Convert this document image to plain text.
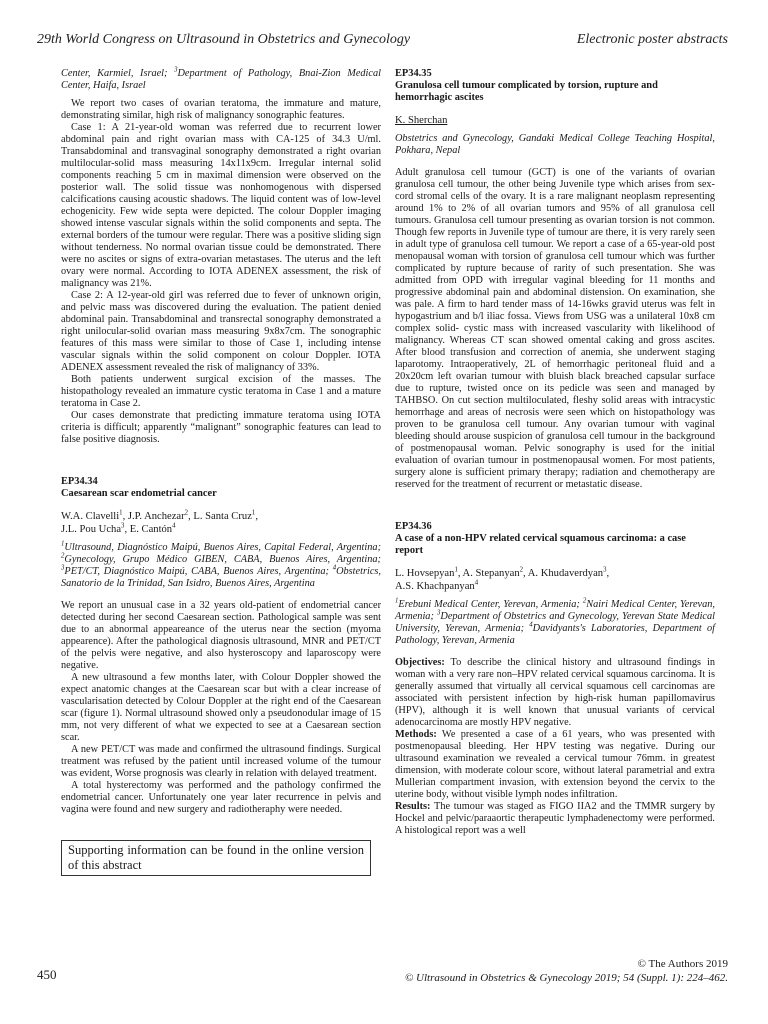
29th World Congress on Ultrasound in Obstetrics and Gynecology	Electronic poster abstracts

Center, Karmiel, Israel; $^3$Department of Pathology, Bnai-Zion Medical Center, Haifa, Israel

We report two cases of ovarian teratoma, the immature and mature, demonstrating similar, high risk of malignancy sonographic features.

Case 1: A 21-year-old woman was referred due to recurrent lower abdominal pain and right ovarian mass with CA-125 of 34.3 U/ml. Transabdominal and transvaginal sonography demonstrated a right ovarian multilocular-solid mass measuring 14x11x9cm. Irregular internal solid components reaching 5 cm in maximal dimension were observed on the posterior wall. The solid tissue was nonhomogenous with dispersed calcifications causing acoustic shadows. The liquid content was of low-level echogenicity. Few wide septa were depicted. The colour Doppler imaging showed intense vascular signals within the solid components and septa. The external borders of the tumour were regular. There was a positive sliding sign without tenderness. No normal ovarian tissue could be demonstrated. There were no ascites or signs of extra-ovarian metastases. The uterus and the left ovary were normal. According to IOTA ADENEX assessment, the risk of malignancy was 21%.

Case 2: A 12-year-old girl was referred due to fever of unknown origin, and pelvic mass was discovered during the evaluation. The patient denied abdominal pain. Transabdominal and transrectal sonography demonstrated a right unilocular-solid ovarian mass measuring 9x8x7cm. The sonographic features of this mass were similar to those of Case 1, including intense vascular signals within the solid component on colour Doppler. IOTA ADENEX assessment revealed the risk of malignancy of 33%.

Both patients underwent surgical excision of the masses. The histopathology revealed an immature cystic teratoma in Case 1 and a mature teratoma in Case 2.

Our cases demonstrate that predicting immature teratoma using IOTA criteria is difficult; apparently “malignant” sonographic features can lead to false positive diagnosis.

EP34.34
Caesarean scar endometrial cancer
W.A. Clavelli$^1$, J.P. Anchezar$^2$, L. Santa Cruz$^1$,
J.L. Pou Ucha$^3$, E. Cantón$^4$

$^1$Ultrasound, Diagnóstico Maipú, Buenos Aires, Capital Federal, Argentina; $^2$Gynecology, Grupo Médico GIBEN, CABA, Buenos Aires, Argentina; $^3$PET/CT, Diagnóstico Maipú, CABA, Buenos Aires, Argentina; $^4$Obstetrics, Sanatorio de la Trinidad, San Isidro, Buenos Aires, Argentina

We report an unusual case in a 32 years old-patient of endometrial cancer detected during her second Caesarean section. Pathological sample was sent due to an abnormal appeareance of the uterus near the section (myoma appearence). After the pathological diagnosis ultrasound, MNR and PET/CT of the pelvis were negative, and also hysteroscopy and laparoscopy were negative.

A new ultrasound a few months later, with Colour Doppler showed the expect anatomic changes at the Caesarean scar but with a clear increase of vascularisation detected by Colour Doppler at the right end of the Caesarean scar (figure 1). Normal ultrasound showed only a pseudonodular image of 15 mm, not very different of what we expected to see at a Caesarean section scar.

A new PET/CT was made and confirmed the ultrasound findings. Surgical treatment was refused by the patient until increased volume of the tumour was evident, Worse prognosis was clearly in relation with delayed treatment.

A total hysterectomy was performed and the pathology confirmed the endometrial cancer. Unfortunately one year later recurrence in pelvis and vagina were found and new surgery and radiotheraphy were needed.

Supporting information can be found in the online version of this abstract
EP34.35
Granulosa cell tumour complicated by torsion, rupture and hemorrhagic ascites
K. Sherchan

Obstetrics and Gynecology, Gandaki Medical College Teaching Hospital, Pokhara, Nepal

Adult granulosa cell tumour (GCT) is one of the variants of ovarian granulosa cell tumour, the other being Juvenile type which arises from sex-cord stromal cells of the ovary. It is a rare malignant neoplasm representing around 1% to 2% of all ovarian tumors and 95% of all granulosa cell tumours. Granulosa cell tumour presenting as ovarian torsion is not common. Though few reports in Juvenile type of tumour are there, it is very rarely seen in adult type of granulosa cell tumour. We report a case of a 65-year-old post menopausal woman with torsion of granulosa cell tumour which was further complicated by rupture because of rarity of such presentation. She was admitted from OPD with irregular vaginal bleeding for 11 months and progressive abdominal pain and abdominal distension. On examination, she was pale. A firm to hard tender mass of 14-16wks gravid uterus was felt in hypogastrium and b/l iliac fossa. Views from USG was a unilateral 10x8 cm complex solid- cystic mass with increased vascularity with likelihood of malignancy. Whereas CT scan showed omental caking and gross ascites. After blood transfusion and correction of anemia, she underwent staging laparotomy. Intraoperatively, 2L of hemorrhagic peritoneal fluid and a 20x20cm left ovarian tumour with bluish black breached capsular surface due to rupture, twisted once on its pedicle was seen and managed by TAHBSO. On cut section multiloculated, fleshy solid areas with intracystic hemorrhage and areas of necrosis were seen which on histopathology was proven to be granulosa cell tumour. Any ovarian tumour with vaginal bleeding should arouse suspicion of granulosa cell tumour in the background of postmenopausal woman. Pelvic sonography is used for the initial evaluation of ovarian tumour in postmenopausal women. For most patients, surgery alone is sufficient primary therapy; radiation and chemotherapy are reserved for the treatment of recurrent or metastatic disease.

EP34.36
A case of a non-HPV related cervical squamous carcinoma: a case report
L. Hovsepyan$^1$, A. Stepanyan$^2$, A. Khudaverdyan$^3$,
A.S. Khachpanyan$^4$

$^1$Erebuni Medical Center, Yerevan, Armenia; $^2$Nairi Medical Center, Yerevan, Armenia; $^3$Department of Obstetrics and Gynecology, Yerevan State Medical University, Yerevan, Armenia; $^4$Davidyants's Laboratories, Department of Pathology, Yerevan, Armenia

Objectives: To describe the clinical history and ultrasound findings in woman with a very rare non–HPV related cervical squamous carcinoma. It is generally assumed that virtually all cervical squamous cell carcinomas are associated with persistent infection by high-risk human papillomavirus (HPV), although it is well known that unusual variants of cervical adenocarcinoma are mostly HPV negative.

Methods: We presented a case of a 61 years, who was presented with postmenopausal bleeding. Her HPV testing was negative. During our ultrasound examination we revealed a cervical tumour 76mm. in greatest dimension, with moderate colour score, without lateral parametrial and extra Mullerian compartment invasion, with extension beyond the cervix to the uterine body, without visible lymph nodes infiltration.

Results: The tumour was staged as FIGO IIA2 and the TMMR surgery by Hockel and pelvic/paraaortic therapeutic lymphadenectomy were performed. A histological report was a well

450
© The Authors 2019
© Ultrasound in Obstetrics & Gynecology 2019; 54 (Suppl. 1): 224–462.
